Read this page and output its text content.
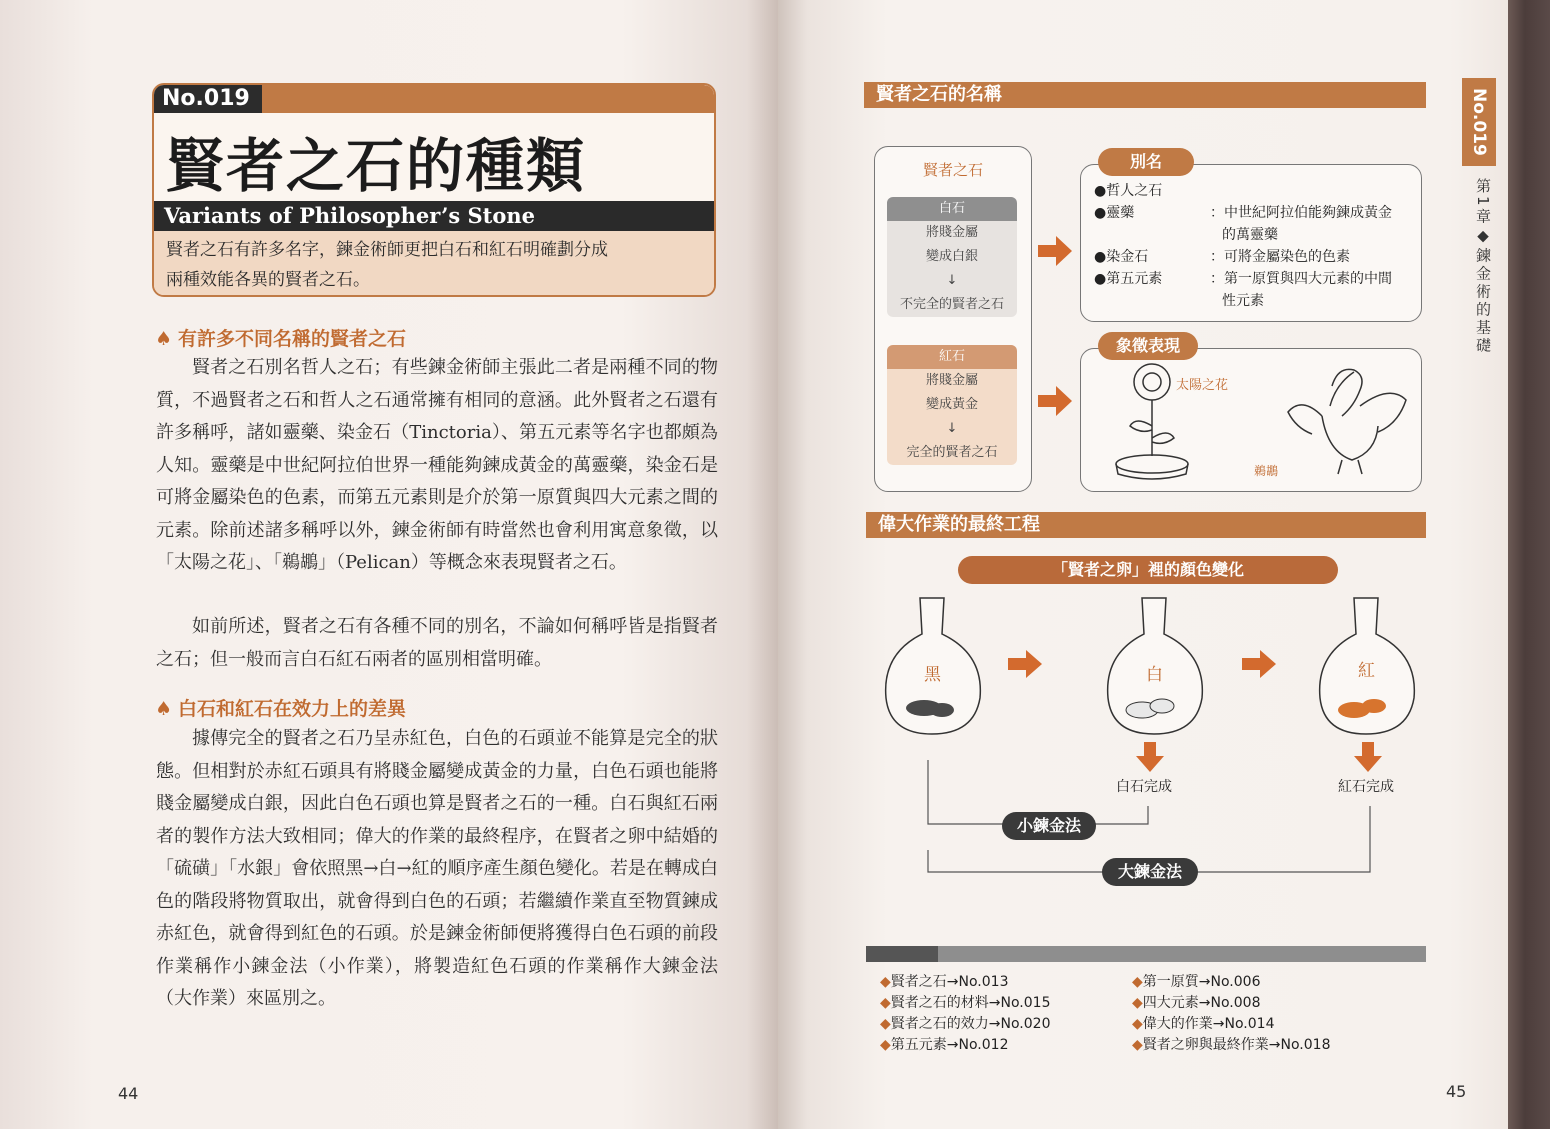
No.019
賢者之石的種類
Variants of Philosopher’s Stone
賢者之石有許多名字，鍊金術師更把白石和紅石明確劃分成
兩種效能各異的賢者之石。
♠ 有許多不同名稱的賢者之石

賢者之石別名哲人之石；有些鍊金術師主張此二者是兩種不同的物質，不過賢者之石和哲人之石通常擁有相同的意涵。此外賢者之石還有許多稱呼，諸如靈藥、染金石（Tinctoria）、第五元素等名字也都頗為人知。靈藥是中世紀阿拉伯世界一種能夠鍊成黃金的萬靈藥，染金石是可將金屬染色的色素，而第五元素則是介於第一原質與四大元素之間的元素。除前述諸多稱呼以外，鍊金術師有時當然也會利用寓意象徵，以「太陽之花」、「鵜鶘」（Pelican）等概念來表現賢者之石。

如前所述，賢者之石有各種不同的別名，不論如何稱呼皆是指賢者之石；但一般而言白石紅石兩者的區別相當明確。

♠ 白石和紅石在效力上的差異

據傳完全的賢者之石乃呈赤紅色，白色的石頭並不能算是完全的狀態。但相對於赤紅石頭具有將賤金屬變成黃金的力量，白色石頭也能將賤金屬變成白銀，因此白色石頭也算是賢者之石的一種。白石與紅石兩者的製作方法大致相同；偉大的作業的最終程序，在賢者之卵中結婚的「硫磺」「水銀」會依照黑→白→紅的順序產生顏色變化。若是在轉成白色的階段將物質取出，就會得到白色的石頭；若繼續作業直至物質鍊成赤紅色，就會得到紅色的石頭。於是鍊金術師便將獲得白色石頭的前段作業稱作小鍊金法（小作業），將製造紅色石頭的作業稱作大鍊金法（大作業）來區別之。

44
賢者之石的名稱	No.019
第1章◆鍊金術的基礎
賢者之石
白石
將賤金屬
變成白銀
↓
不完全的賢者之石
紅石
將賤金屬
變成黃金
↓
完全的賢者之石
別名
●哲人之石
●靈藥	：中世紀阿拉伯能夠鍊成黃金
的萬靈藥
●染金石	：可將金屬染色的色素
●第五元素	：第一原質與四大元素的中間
性元素
象徵表現
太陽之花
鵜鶘
偉大作業的最終工程
「賢者之卵」裡的顏色變化
黑	白	紅
白石完成	紅石完成
小鍊金法
大鍊金法
◆賢者之石→No.013
◆賢者之石的材料→No.015
◆賢者之石的效力→No.020
◆第五元素→No.012
◆第一原質→No.006
◆四大元素→No.008
◆偉大的作業→No.014
◆賢者之卵與最終作業→No.018
45
